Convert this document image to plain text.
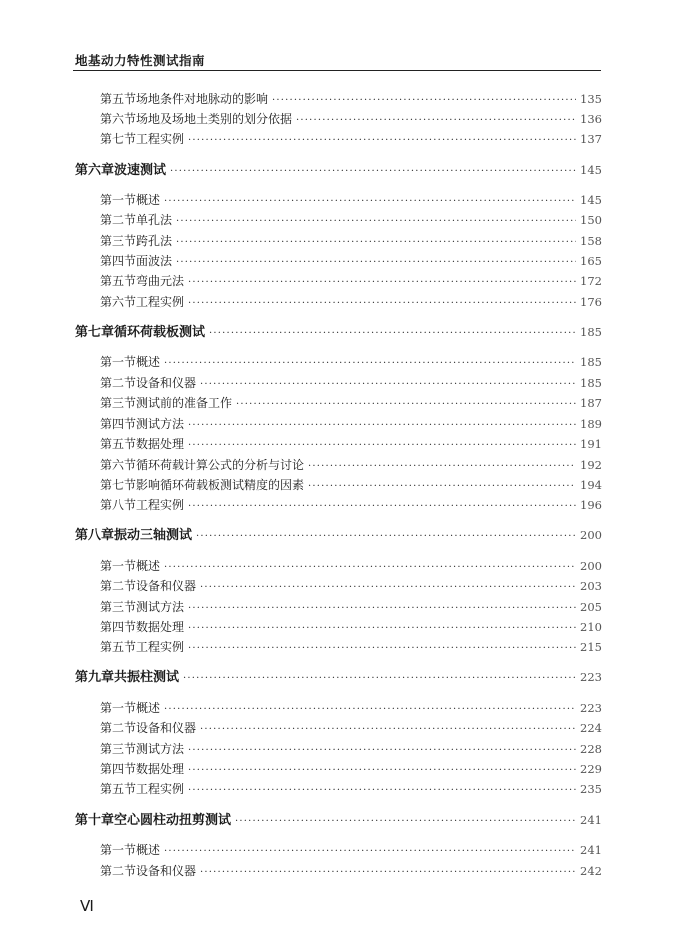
地基动力特性测试指南
第五节 场地条件对地脉动的影响 ·····	135
第六节 场地及场地土类别的划分依据 ·····	136
第七节 工程实例 ·····	137
第六章 波速测试 ·····	145
第一节 概述 ·····	145
第二节 单孔法 ·····	150
第三节 跨孔法 ·····	158
第四节 面波法 ·····	165
第五节 弯曲元法 ·····	172
第六节 工程实例 ·····	176
第七章 循环荷载板测试 ·····	185
第一节 概述 ·····	185
第二节 设备和仪器 ·····	185
第三节 测试前的准备工作 ·····	187
第四节 测试方法 ·····	189
第五节 数据处理 ·····	191
第六节 循环荷载计算公式的分析与讨论 ·····	192
第七节 影响循环荷载板测试精度的因素 ·····	194
第八节 工程实例 ·····	196
第八章 振动三轴测试 ·····	200
第一节 概述 ·····	200
第二节 设备和仪器 ·····	203
第三节 测试方法 ·····	205
第四节 数据处理 ·····	210
第五节 工程实例 ·····	215
第九章 共振柱测试 ·····	223
第一节 概述 ·····	223
第二节 设备和仪器 ·····	224
第三节 测试方法 ·····	228
第四节 数据处理 ·····	229
第五节 工程实例 ·····	235
第十章 空心圆柱动扭剪测试 ·····	241
第一节 概述 ·····	241
第二节 设备和仪器 ·····	242
Ⅵ
